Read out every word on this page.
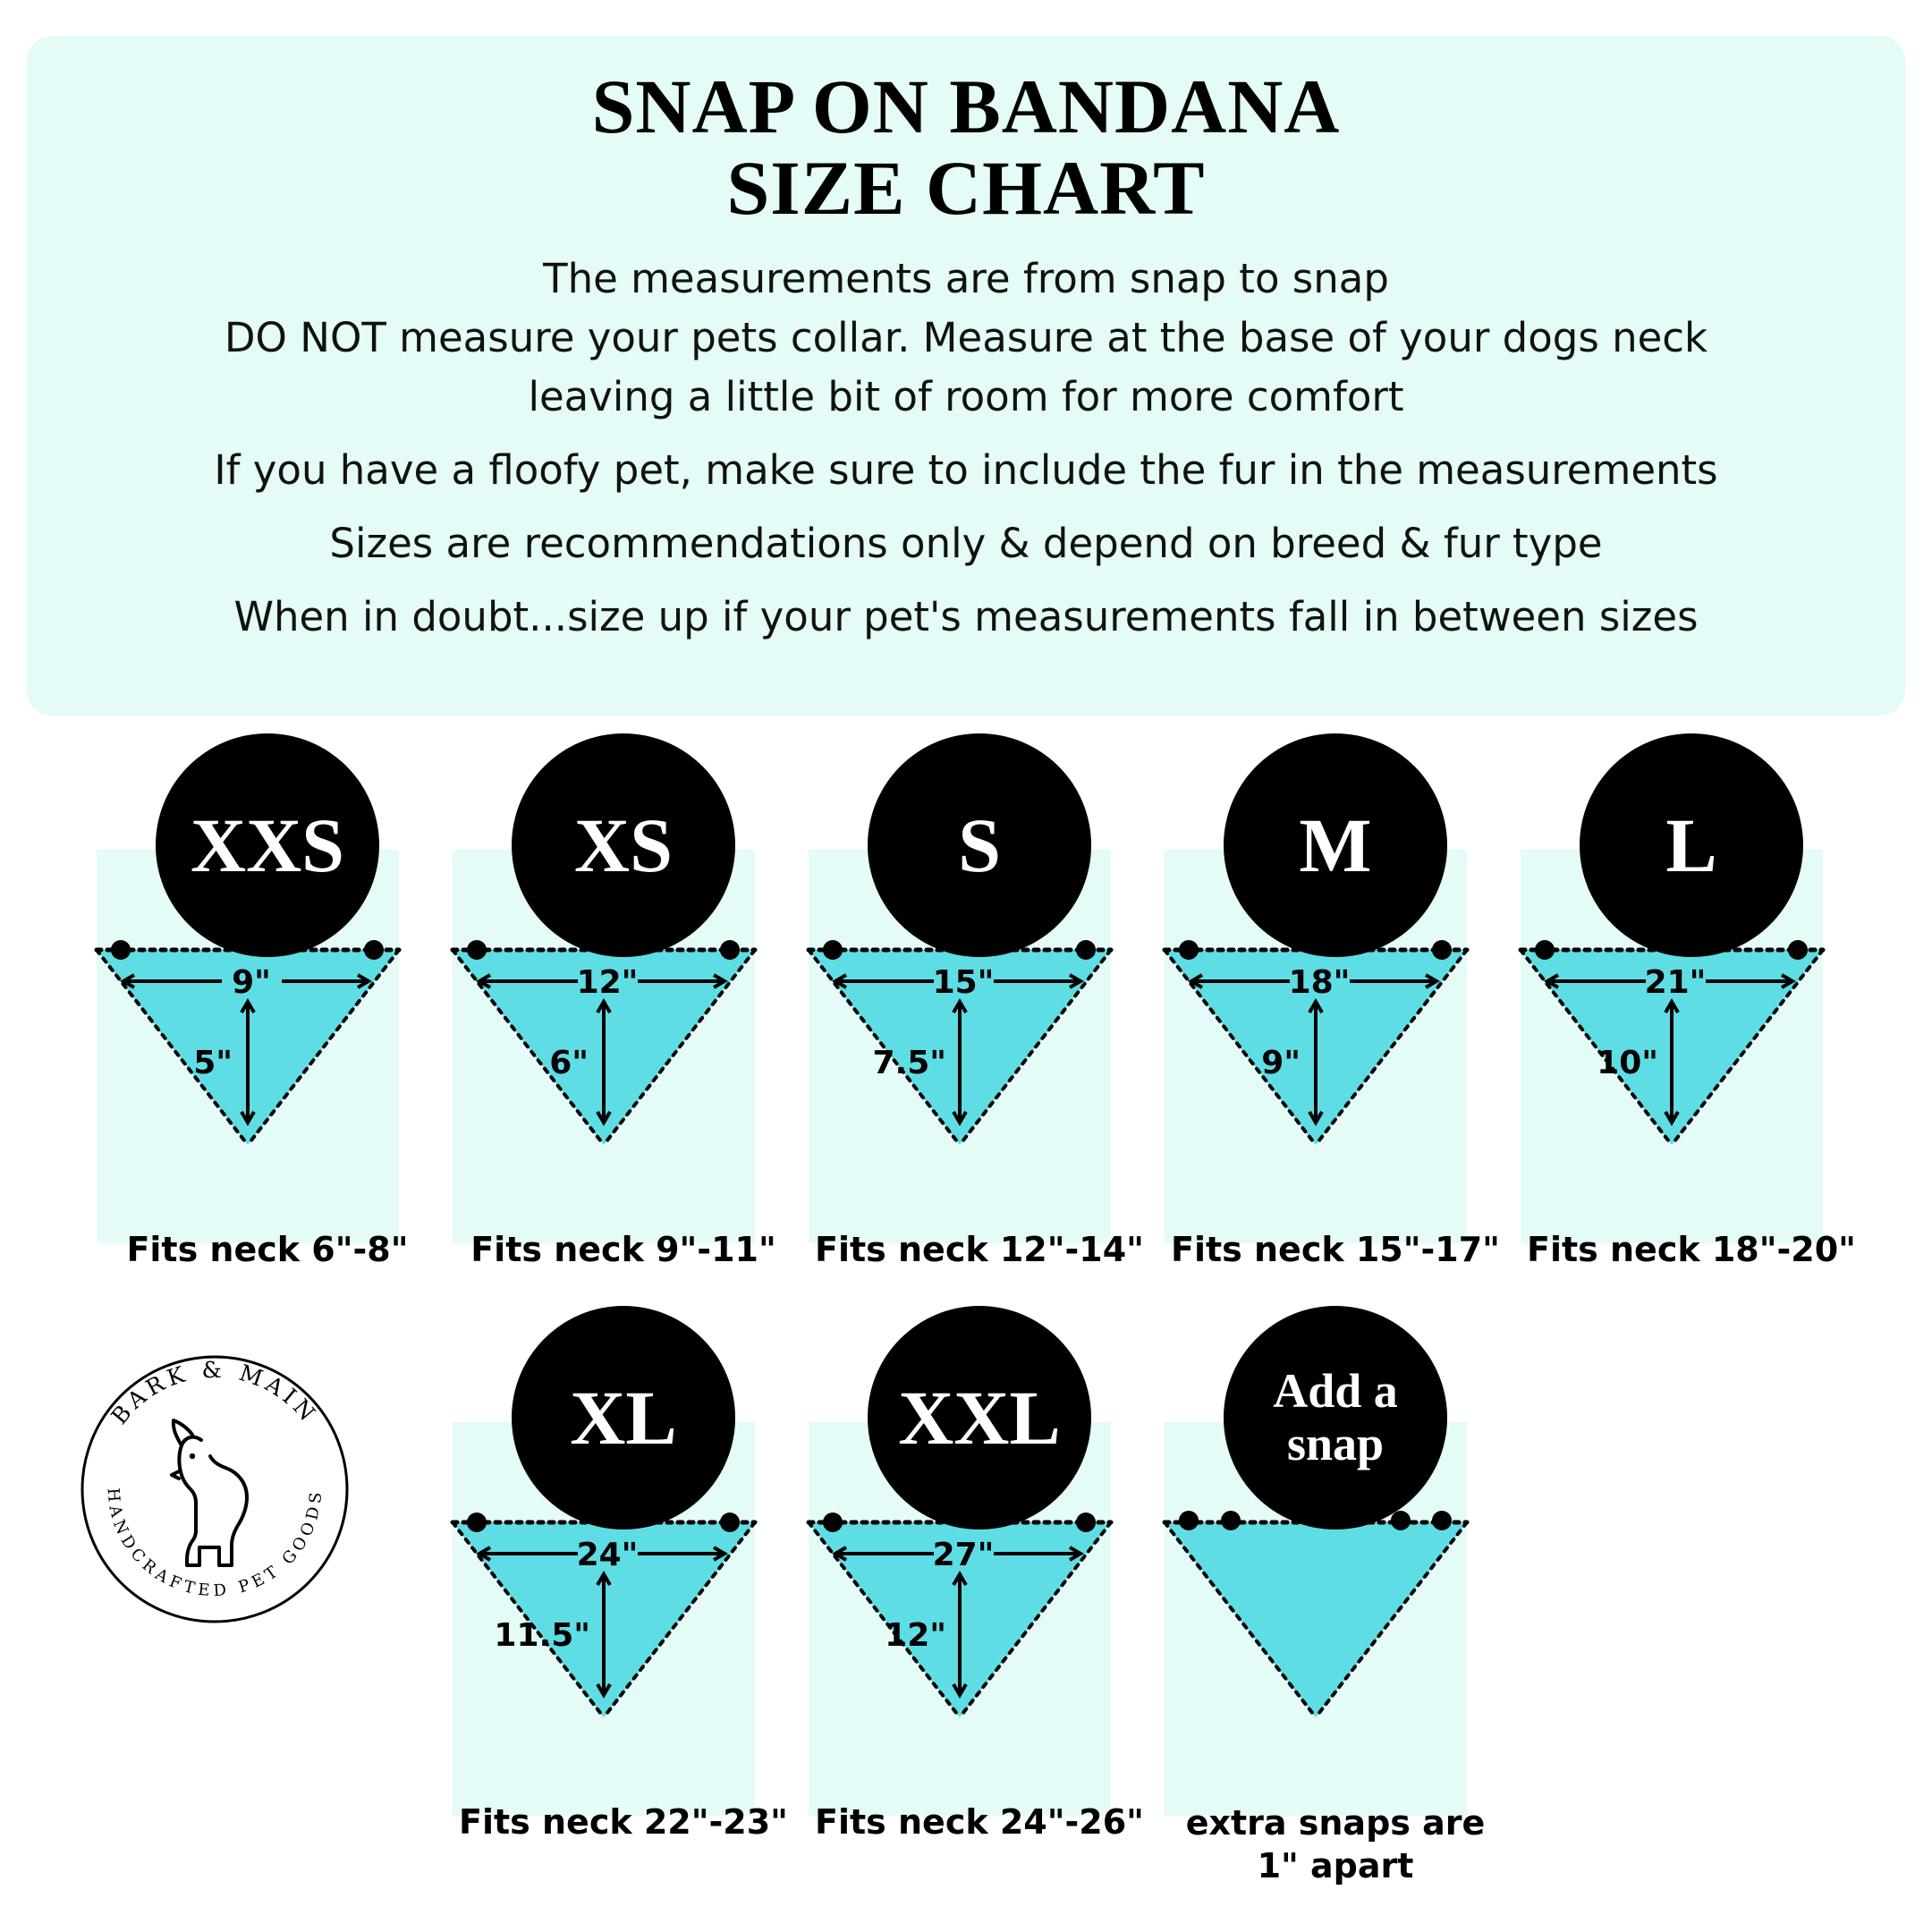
SNAP ON BANDANA
SIZE CHART

The measurements are from snap to snap

DO NOT measure your pets collar. Measure at the base of your dogs neck

leaving a little bit of room for more comfort

If you have a floofy pet, make sure to include the fur in the measurements

Sizes are recommendations only & depend on breed & fur type

When in doubt...size up if your pet's measurements fall in between sizes

9"
5"
XXS
Fits neck 6"-8"
12"
6"
XS
Fits neck 9"-11"
15"
7.5"
S
Fits neck 12"-14"
18"
9"
M
Fits neck 15"-17"
21"
10"
L
Fits neck 18"-20"
24"
11.5"
XL
Fits neck 22"-23"
27"
12"
XXL
Fits neck 24"-26"
Add a snap
extra snaps are
1" apart
BARK & MAIN
HANDCRAFTED PET GOODS
